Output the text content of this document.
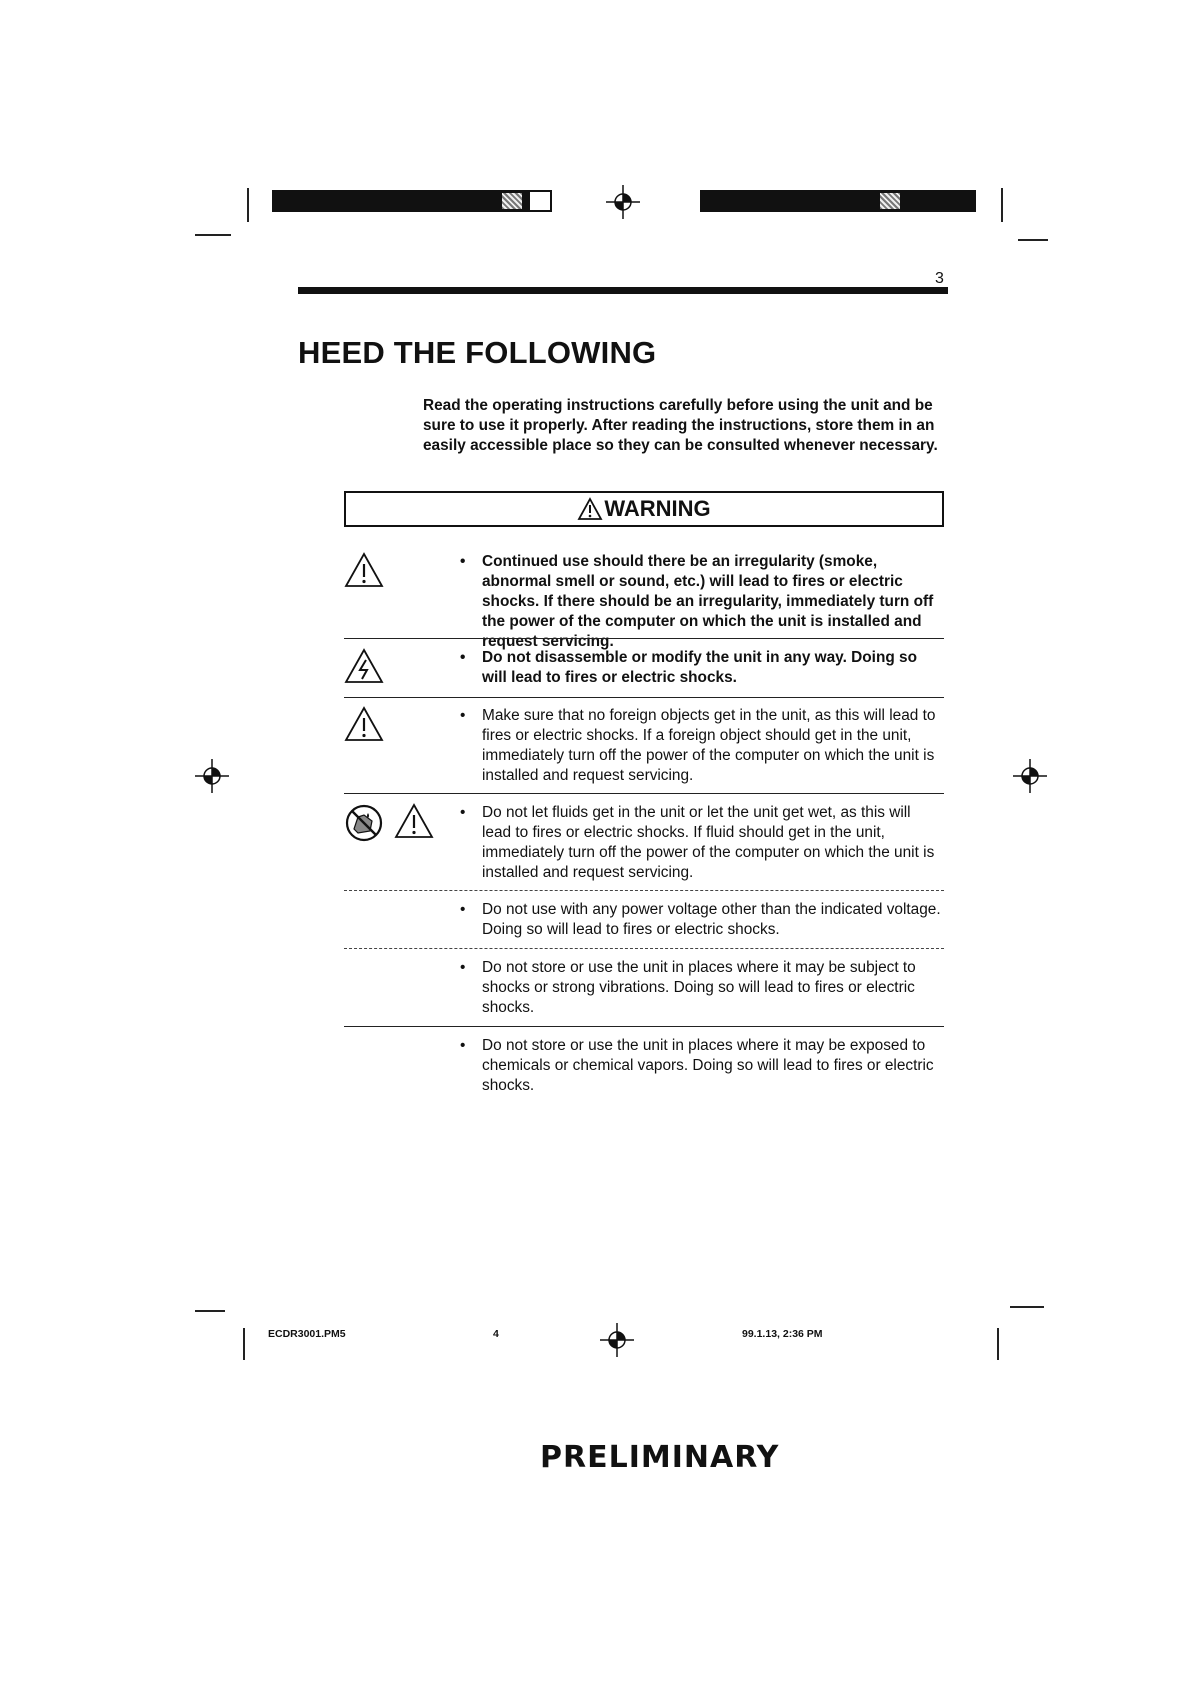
3
HEED THE FOLLOWING

Read the operating instructions carefully before using the unit and be sure to use it properly. After reading the instructions, store them in an easily accessible place so they can be consulted whenever necessary.

WARNING

• Continued use should there be an irregularity (smoke, abnormal smell or sound, etc.) will lead to fires or electric shocks. If there should be an irregularity, immediately turn off the power of the computer on which the unit is installed and request servicing.

• Do not disassemble or modify the unit in any way. Doing so will lead to fires or electric shocks.

• Make sure that no foreign objects get in the unit, as this will lead to fires or electric shocks. If a foreign object should get in the unit, immediately turn off the power of the computer on which the unit is installed and request servicing.

• Do not let fluids get in the unit or let the unit get wet, as this will lead to fires or electric shocks. If fluid should get in the unit, immediately turn off the power of the computer on which the unit is installed and request servicing.

• Do not use with any power voltage other than the indicated voltage. Doing so will lead to fires or electric shocks.

• Do not store or use the unit in places where it may be subject to shocks or strong vibrations. Doing so will lead to fires or electric shocks.

• Do not store or use the unit in places where it may be exposed to chemicals or chemical vapors. Doing so will lead to fires or electric shocks.

ECDR3001.PM5	4	99.1.13, 2:36 PM
PRELIMINARY
